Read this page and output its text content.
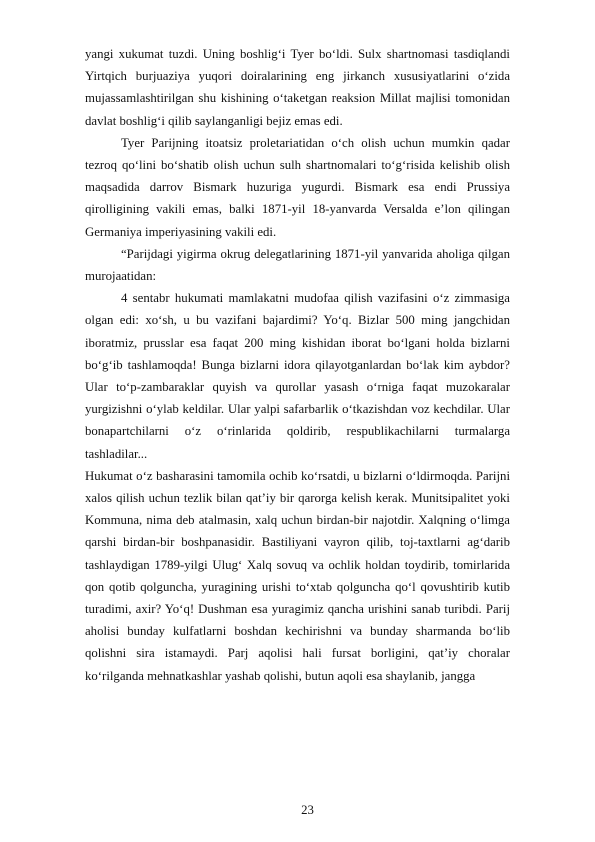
yangi xukumat tuzdi. Uning boshlig‘i Tyer bo‘ldi. Sulx shartnomasi tasdiqlandi Yirtqich burjuaziya yuqori doiralarining eng jirkanch xususiyatlarini o‘zida mujassamlashtirilgan shu kishining o‘taketgan reaksion Millat majlisi tomonidan davlat boshlig‘i qilib saylanganligi bejiz emas edi.

Tyer Parijning itoatsiz proletariatidan o‘ch olish uchun mumkin qadar tezroq qo‘lini bo‘shatib olish uchun sulh shartnomalari to‘g‘risida kelishib olish maqsadida darrov Bismark huzuriga yugurdi. Bismark esa endi Prussiya qirolligining vakili emas, balki 1871-yil 18-yanvarda Versalda e’lon qilingan Germaniya imperiyasining vakili edi.

“Parijdagi yigirma okrug delegatlarining 1871-yil yanvarida aholiga qilgan murojaatidan:

4 sentabr hukumati mamlakatni mudofaa qilish vazifasini o‘z zimmasiga olgan edi: xo‘sh, u bu vazifani bajardimi? Yo‘q. Bizlar 500 ming jangchidan iboratmiz, prusslar esa faqat 200 ming kishidan iborat bo‘lgani holda bizlarni bo‘g‘ib tashlamoqda! Bunga bizlarni idora qilayotganlardan bo‘lak kim aybdor? Ular to‘p-zambaraklar quyish va qurollar yasash o‘rniga faqat muzokaralar yurgizishni o‘ylab keldilar. Ular yalpi safarbarlik o‘tkazishdan voz kechdilar. Ular bonapartchilarni o‘z o‘rinlarida qoldirib, respublikachilarni turmalarga tashladilar...

Hukumat o‘z basharasini tamomila ochib ko‘rsatdi, u bizlarni o‘ldirmoqda. Parijni xalos qilish uchun tezlik bilan qat’iy bir qarorga kelish kerak. Munitsipalitet yoki Kommuna, nima deb atalmasin, xalq uchun birdan-bir najotdir. Xalqning o‘limga qarshi birdan-bir boshpanasidir. Bastiliyani vayron qilib, toj-taxtlarni ag‘darib tashlaydigan 1789-yilgi Ulug‘ Xalq sovuq va ochlik holdan toydirib, tomirlarida qon qotib qolguncha, yuragining urishi to‘xtab qolguncha qo‘l qovushtirib kutib turadimi, axir? Yo‘q! Dushman esa yuragimiz qancha urishini sanab turibdi. Parij aholisi bunday kulfatlarni boshdan kechirishni va bunday sharmanda bo‘lib qolishni sira istamaydi. Parj aqolisi hali fursat borligini, qat’iy choralar ko‘rilganda mehnatkashlar yashab qolishi, butun aqoli esa shaylanib, jangga

23
